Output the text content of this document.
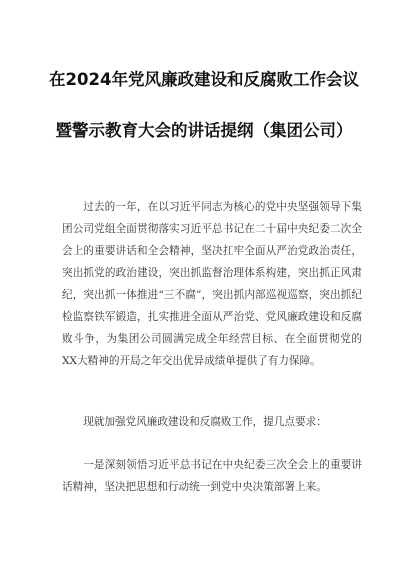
在2024年党风廉政建设和反腐败工作会议
暨警示教育大会的讲话提纲（集团公司）

过去的一年，在以习近平同志为核心的党中央坚强领导下集团公司党组全面贯彻落实习近平总书记在二十届中央纪委二次全会上的重要讲话和全会精神，坚决扛牢全面从严治党政治责任，突出抓党的政治建设，突出抓监督治理体系构建，突出抓正风肃纪，突出抓一体推进“三不腐”，突出抓内部巡视巡察，突出抓纪检监察铁军锻造，扎实推进全面从严治党、党风廉政建设和反腐败斗争，为集团公司圆满完成全年经营目标、在全面贯彻党的XX大精神的开局之年交出优异成绩单提供了有力保障。

现就加强党风廉政建设和反腐败工作，提几点要求：

一是深刻领悟习近平总书记在中央纪委三次全会上的重要讲话精神，坚决把思想和行动统一到党中央决策部署上来。
